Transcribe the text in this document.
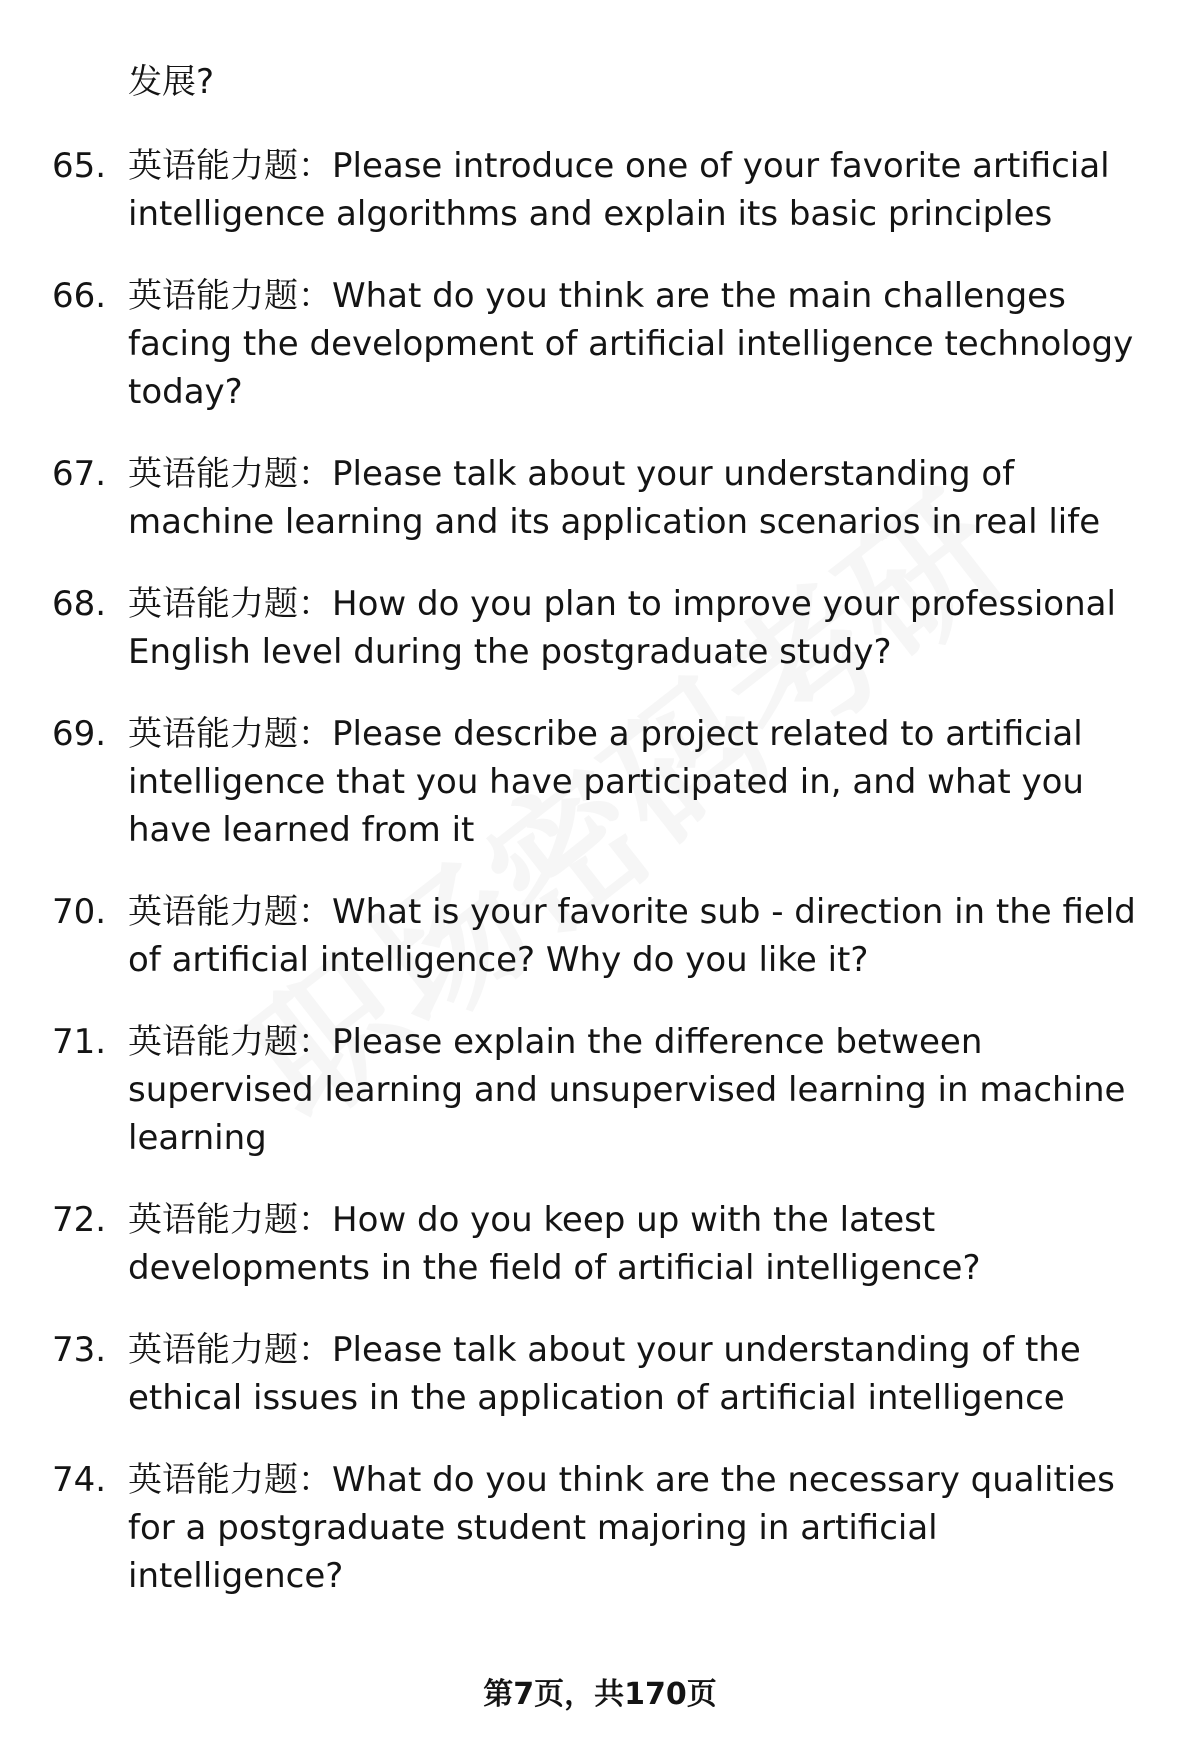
发展?
65. 英语能力题：Please introduce one of your favorite artificial intelligence algorithms and explain its basic principles
66. 英语能力题：What do you think are the main challenges facing the development of artificial intelligence technology today?
67. 英语能力题：Please talk about your understanding of machine learning and its application scenarios in real life
68. 英语能力题：How do you plan to improve your professional English level during the postgraduate study?
69. 英语能力题：Please describe a project related to artificial intelligence that you have participated in, and what you have learned from it
70. 英语能力题：What is your favorite sub - direction in the field of artificial intelligence? Why do you like it?
71. 英语能力题：Please explain the difference between supervised learning and unsupervised learning in machine learning
72. 英语能力题：How do you keep up with the latest developments in the field of artificial intelligence?
73. 英语能力题：Please talk about your understanding of the ethical issues in the application of artificial intelligence
74. 英语能力题：What do you think are the necessary qualities for a postgraduate student majoring in artificial intelligence?
第7页，共170页
